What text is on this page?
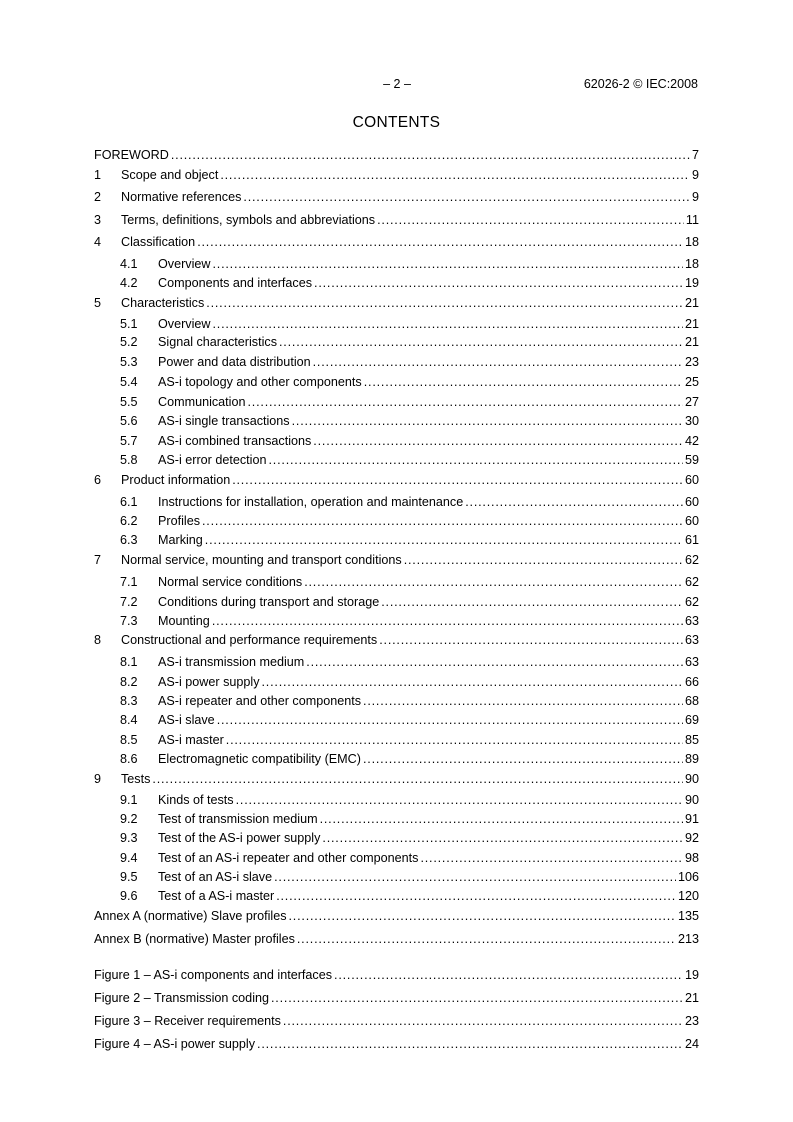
– 2 –	62026-2 © IEC:2008
CONTENTS
FOREWORD .....	7
1	Scope and object .....	9
2	Normative references .....	9
3	Terms, definitions, symbols and abbreviations .....	11
4	Classification .....	18
4.1	Overview .....	18
4.2	Components and interfaces .....	19
5	Characteristics .....	21
5.1	Overview .....	21
5.2	Signal characteristics .....	21
5.3	Power and data distribution .....	23
5.4	AS-i topology and other components .....	25
5.5	Communication .....	27
5.6	AS-i single transactions .....	30
5.7	AS-i combined transactions .....	42
5.8	AS-i error detection .....	59
6	Product information .....	60
6.1	Instructions for installation, operation and maintenance .....	60
6.2	Profiles .....	60
6.3	Marking .....	61
7	Normal service, mounting and transport conditions .....	62
7.1	Normal service conditions .....	62
7.2	Conditions during transport and storage .....	62
7.3	Mounting .....	63
8	Constructional and performance requirements .....	63
8.1	AS-i transmission medium .....	63
8.2	AS-i power supply .....	66
8.3	AS-i repeater and other components .....	68
8.4	AS-i slave .....	69
8.5	AS-i master .....	85
8.6	Electromagnetic compatibility (EMC) .....	89
9	Tests .....	90
9.1	Kinds of tests .....	90
9.2	Test of transmission medium .....	91
9.3	Test of the AS-i power supply .....	92
9.4	Test of an AS-i repeater and other components .....	98
9.5	Test of an AS-i slave .....	106
9.6	Test of a AS-i master .....	120
Annex A (normative) Slave profiles .....	135
Annex B (normative) Master profiles .....	213
Figure 1 – AS-i components and interfaces .....	19
Figure 2 – Transmission coding .....	21
Figure 3 – Receiver requirements .....	23
Figure 4 – AS-i power supply .....	24
